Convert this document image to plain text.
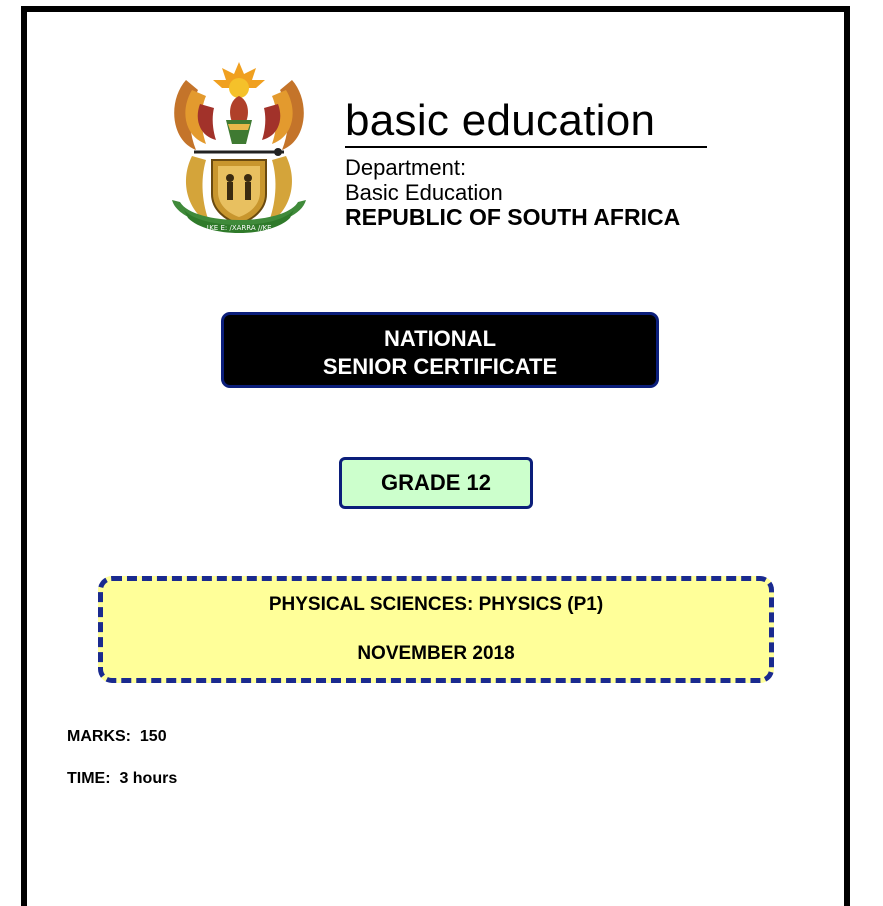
!KE E: /XARRA //KE
basic education
Department:
Basic Education
REPUBLIC OF SOUTH AFRICA
NATIONAL
SENIOR CERTIFICATE
GRADE 12
PHYSICAL SCIENCES: PHYSICS (P1)
NOVEMBER 2018
MARKS: 150
TIME: 3 hours
